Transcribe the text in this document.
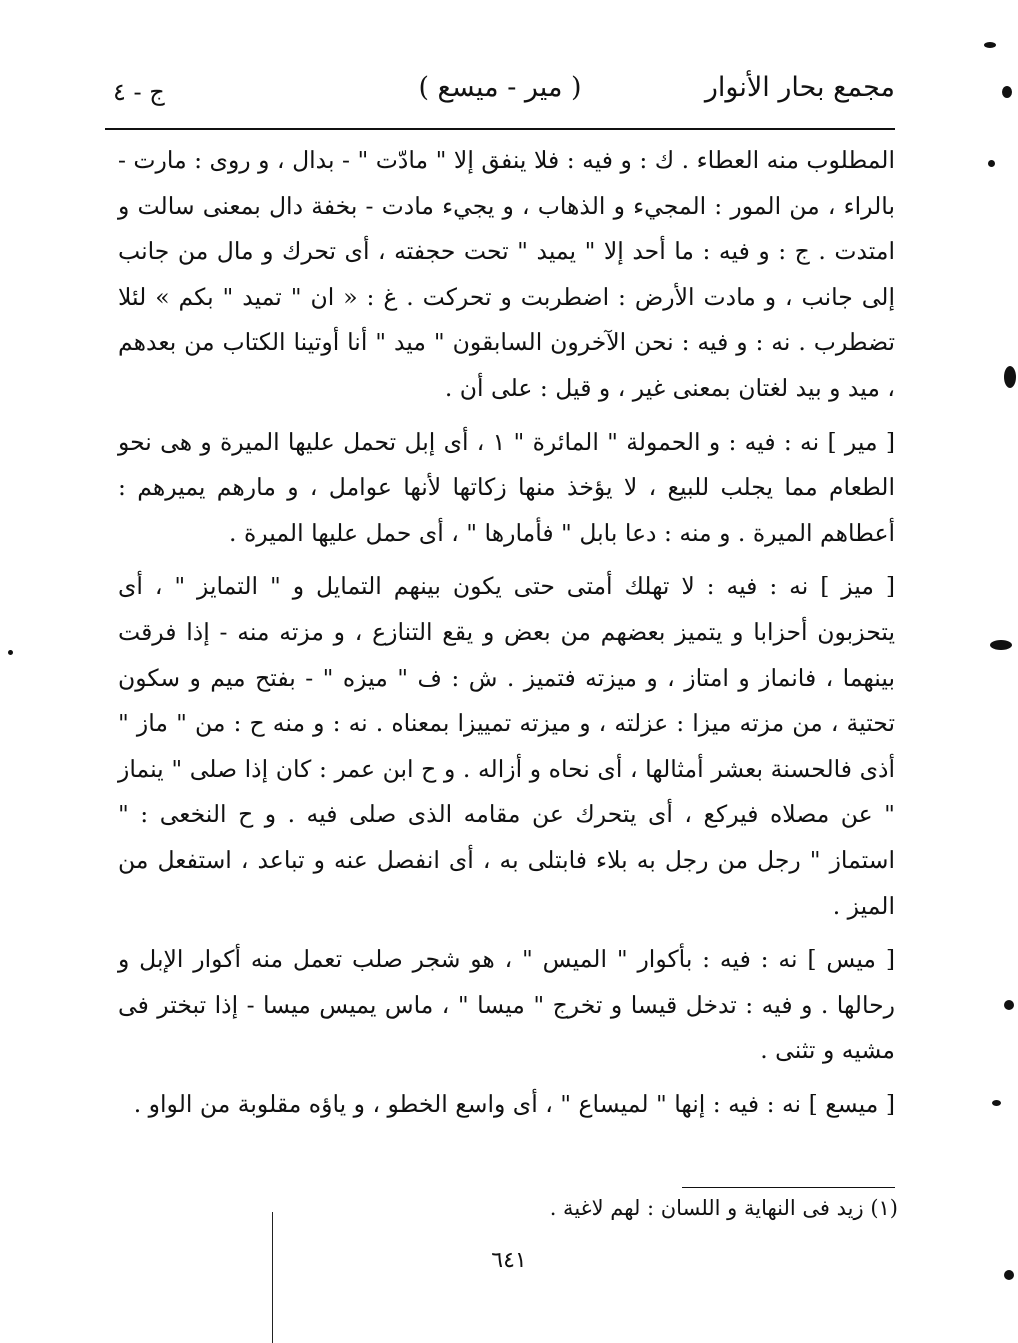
مجمع بحار الأنوار
( مير - ميسع )
ج - ٤

المطلوب منه العطاء . ك : و فيه : فلا ينفق إلا " مادّت " - بدال ، و روى : مارت - بالراء ، من المور : المجيء و الذهاب ، و يجيء مادت - بخفة دال بمعنى سالت و امتدت . ج : و فيه : ما أحد إلا " يميد " تحت حجفته ، أى تحرك و مال من جانب إلى جانب ، و مادت الأرض : اضطربت و تحركت . غ : « ان " تميد " بكم » لئلا تضطرب . نه : و فيه : نحن الآخرون السابقون " ميد " أنا أوتينا الكتاب من بعدهم ، ميد و بيد لغتان بمعنى غير ، و قيل : على أن .

[ مير ] نه : فيه : و الحمولة " المائرة " ١ ، أى إبل تحمل عليها الميرة و هى نحو الطعام مما يجلب للبيع ، لا يؤخذ منها زكاتها لأنها عوامل ، و مارهم يميرهم : أعطاهم الميرة . و منه : دعا بابل " فأمارها " ، أى حمل عليها الميرة .

[ ميز ] نه : فيه : لا تهلك أمتى حتى يكون بينهم التمايل و " التمايز " ، أى يتحزبون أحزابا و يتميز بعضهم من بعض و يقع التنازع ، و مزته منه - إذا فرقت بينهما ، فانماز و امتاز ، و ميزته فتميز . ش : ف " ميزه " - بفتح ميم و سكون تحتية ، من مزته ميزا : عزلته ، و ميزته تمييزا بمعناه . نه : و منه ح : من " ماز " أذى فالحسنة بعشر أمثالها ، أى نحاه و أزاله . و ح ابن عمر : كان إذا صلى " ينماز " عن مصلاه فيركع ، أى يتحرك عن مقامه الذى صلى فيه . و ح النخعى : " استماز " رجل من رجل به بلاء فابتلى به ، أى انفصل عنه و تباعد ، استفعل من الميز .

[ ميس ] نه : فيه : بأكوار " الميس " ، هو شجر صلب تعمل منه أكوار الإبل و رحالها . و فيه : تدخل قيسا و تخرج " ميسا " ، ماس يميس ميسا - إذا تبختر فى مشيه و تثنى .

[ ميسع ] نه : فيه : إنها " لميساع " ، أى واسع الخطو ، و ياؤه مقلوبة من الواو .

(١) زيد فى النهاية و اللسان : لهم لاغية .
٦٤١
